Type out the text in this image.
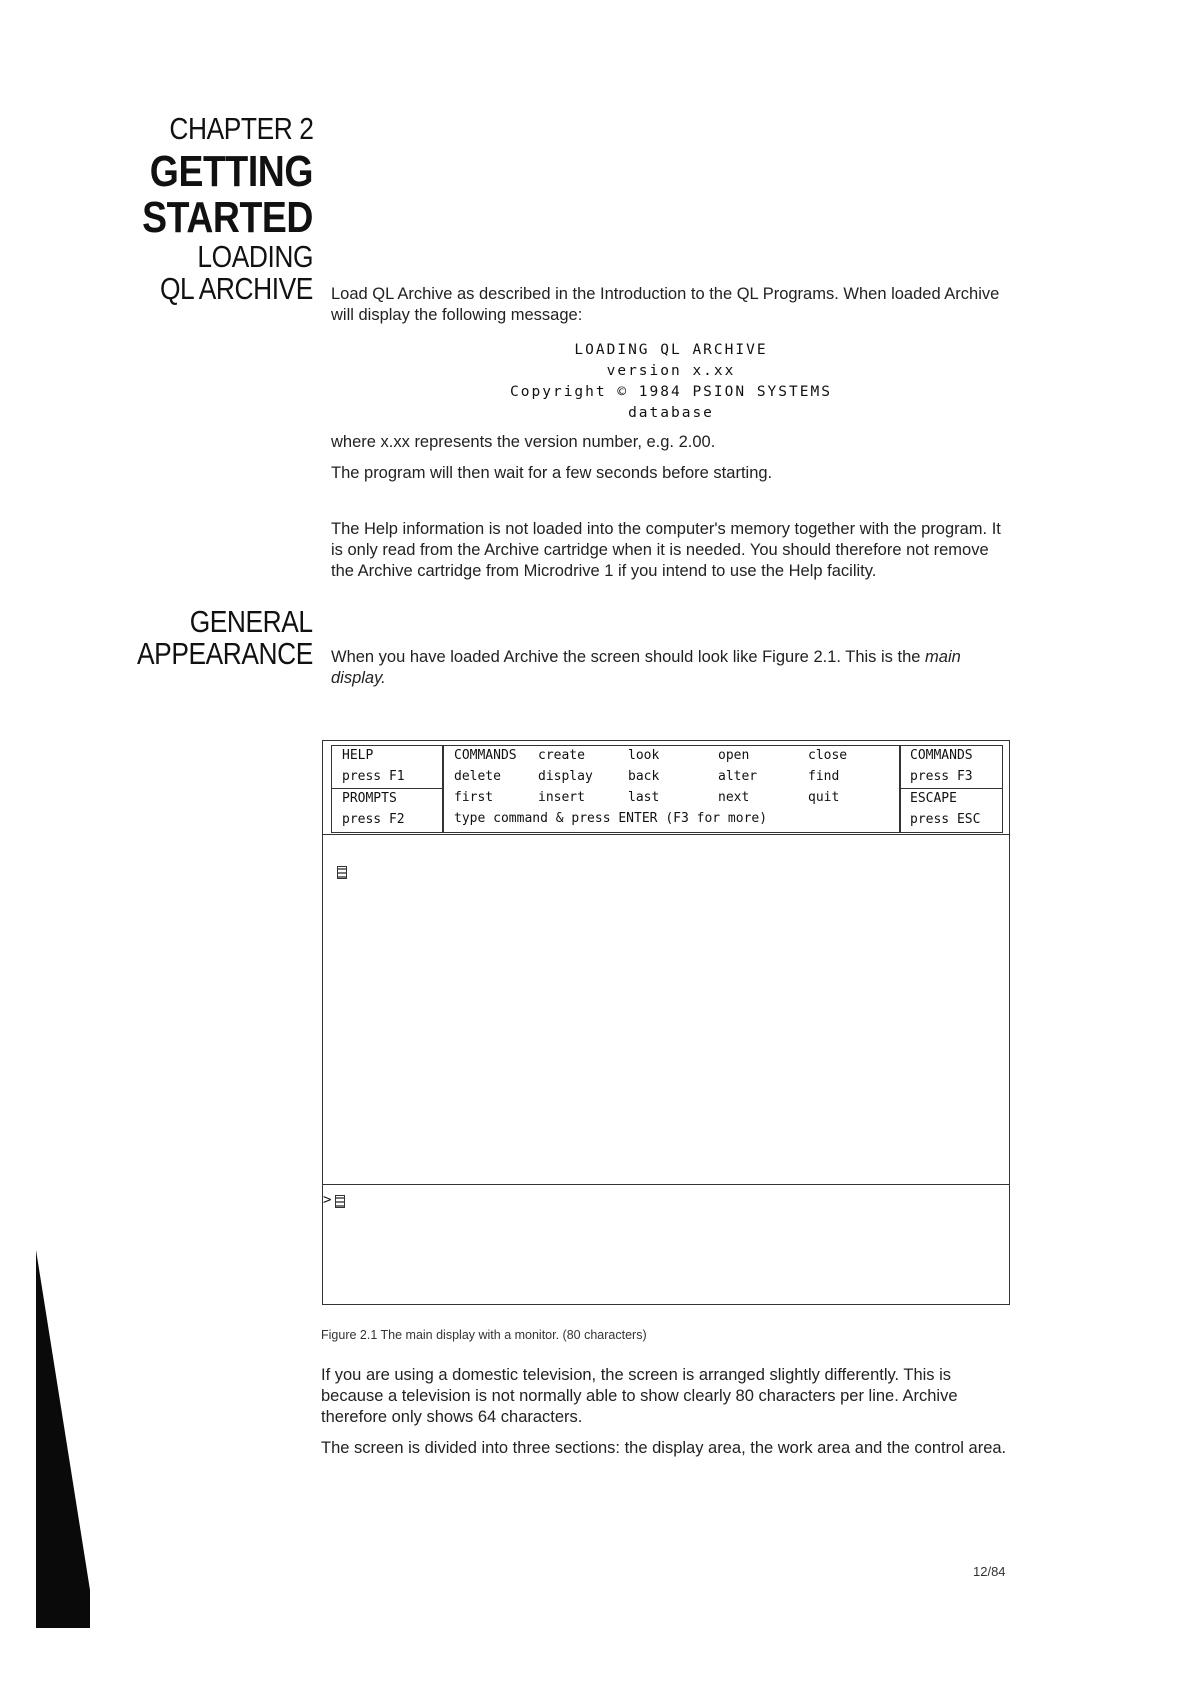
CHAPTER 2
GETTING
STARTED
LOADING
QL ARCHIVE
GENERAL
APPEARANCE
Load QL Archive as described in the Introduction to the QL Programs. When loaded Archive will display the following message:
LOADING QL ARCHIVE
version x.xx
Copyright © 1984 PSION SYSTEMS
database
where x.xx represents the version number, e.g. 2.00.
The program will then wait for a few seconds before starting.
The Help information is not loaded into the computer's memory together with the program. It is only read from the Archive cartridge when it is needed. You should therefore not remove the Archive cartridge from Microdrive 1 if you intend to use the Help facility.
When you have loaded Archive the screen should look like Figure 2.1. This is the main display.
HELP
press F1
PROMPTS
press F2
COMMANDS	create	look	open	close
delete	display	back	alter	find
first	insert	last	next	quit
type command & press ENTER (F3 for more)
COMMANDS
press F3
ESCAPE
press ESC
>
Figure 2.1 The main display with a monitor. (80 characters)
If you are using a domestic television, the screen is arranged slightly differently. This is because a television is not normally able to show clearly 80 characters per line. Archive therefore only shows 64 characters.
The screen is divided into three sections: the display area, the work area and the control area.
12/84
